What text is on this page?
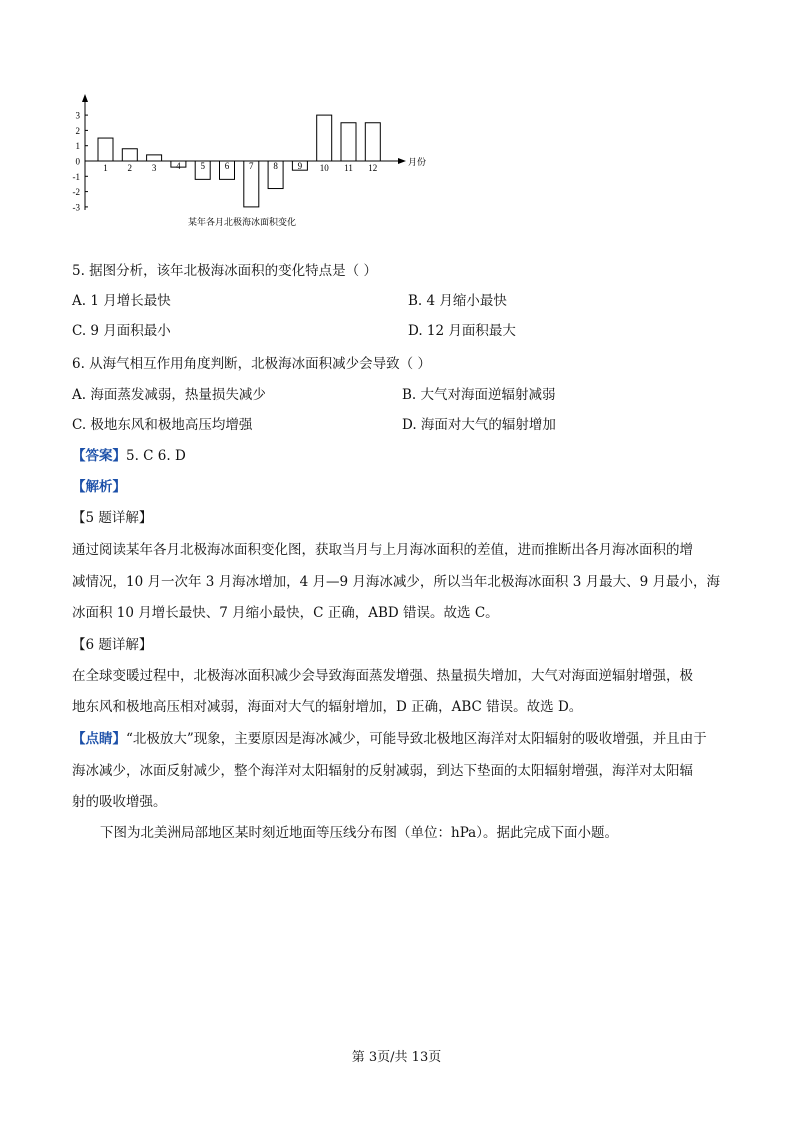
3
2
1
0
-1
-2
-3
1 2 3 4 5 6 7 8 9 10 11 12
月份
某年各月北极海冰面积变化
5. 据图分析，该年北极海冰面积的变化特点是（ ）
A. 1 月增长最快	B. 4 月缩小最快
C. 9 月面积最小	D. 12 月面积最大
6. 从海气相互作用角度判断，北极海冰面积减少会导致（ ）
A. 海面蒸发减弱，热量损失减少	B. 大气对海面逆辐射减弱
C. 极地东风和极地高压均增强	D. 海面对大气的辐射增加
【答案】5. C 6. D
【解析】
【5 题详解】
通过阅读某年各月北极海冰面积变化图，获取当月与上月海冰面积的差值，进而推断出各月海冰面积的增
减情况，10 月一次年 3 月海冰增加，4 月—9 月海冰减少，所以当年北极海冰面积 3 月最大、9 月最小，海
冰面积 10 月增长最快、7 月缩小最快，C 正确，ABD 错误。故选 C。
【6 题详解】
在全球变暖过程中，北极海冰面积减少会导致海面蒸发增强、热量损失增加，大气对海面逆辐射增强，极
地东风和极地高压相对减弱，海面对大气的辐射增加，D 正确，ABC 错误。故选 D。
【点睛】“北极放大”现象，主要原因是海冰减少，可能导致北极地区海洋对太阳辐射的吸收增强，并且由于
海冰减少，冰面反射减少，整个海洋对太阳辐射的反射减弱，到达下垫面的太阳辐射增强，海洋对太阳辐
射的吸收增强。
下图为北美洲局部地区某时刻近地面等压线分布图（单位：hPa）。据此完成下面小题。
第 3页/共 13页
